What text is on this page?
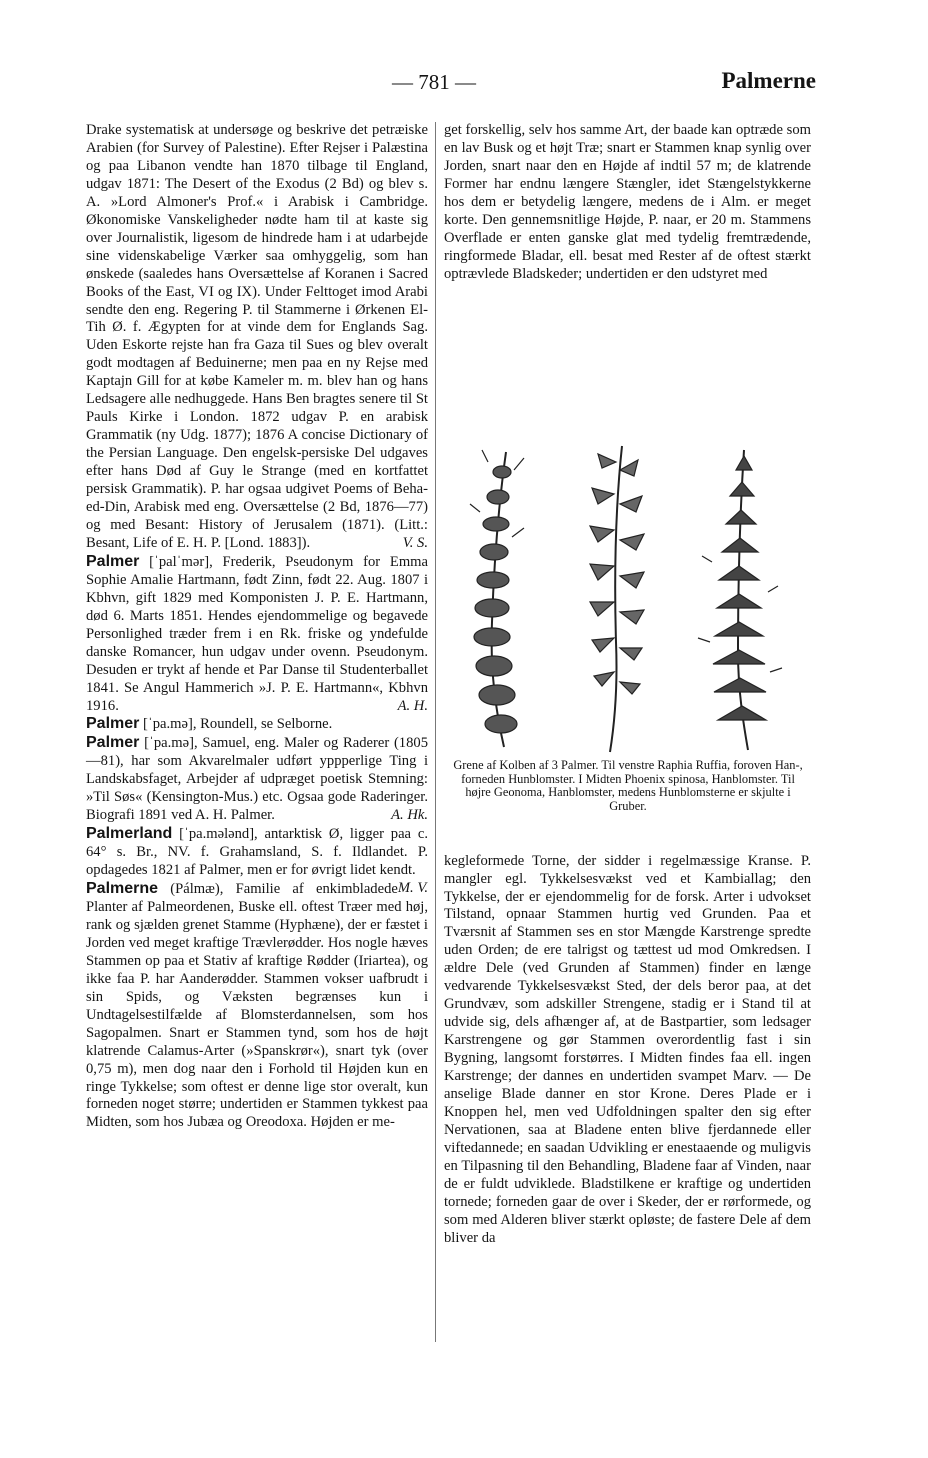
— 781 —	Palmerne

Drake systematisk at undersøge og beskrive det petræiske Arabien (for Survey of Palestine). Efter Rejser i Palæstina og paa Libanon vendte han 1870 tilbage til England, udgav 1871: The Desert of the Exodus (2 Bd) og blev s. A. »Lord Almoner's Prof.« i Arabisk i Cambridge. Økonomiske Vanskeligheder nødte ham til at kaste sig over Journalistik, ligesom de hindrede ham i at udarbejde sine videnskabelige Værker saa omhyggelig, som han ønskede (saaledes hans Oversættelse af Koranen i Sacred Books of the East, VI og IX). Under Felttoget imod Arabi sendte den eng. Regering P. til Stammerne i Ørkenen El-Tih Ø. f. Ægypten for at vinde dem for Englands Sag. Uden Eskorte rejste han fra Gaza til Sues og blev overalt godt modtagen af Beduinerne; men paa en ny Rejse med Kaptajn Gill for at købe Kameler m. m. blev han og hans Ledsagere alle nedhuggede. Hans Ben bragtes senere til St Pauls Kirke i London. 1872 udgav P. en arabisk Grammatik (ny Udg. 1877); 1876 A concise Dictionary of the Persian Language. Den engelsk-persiske Del udgaves efter hans Død af Guy le Strange (med en kortfattet persisk Grammatik). P. har ogsaa udgivet Poems of Beha-ed-Din, Arabisk med eng. Oversættelse (2 Bd, 1876—77) og med Besant: History of Jerusalem (1871). (Litt.: Besant, Life of E. H. P. [Lond. 1883]).	V. S.

Palmer [ˈpalˈmər], Frederik, Pseudonym for Emma Sophie Amalie Hartmann, født Zinn, født 22. Aug. 1807 i Kbhvn, gift 1829 med Komponisten J. P. E. Hartmann, død 6. Marts 1851. Hendes ejendommelige og begavede Personlighed træder frem i en Rk. friske og yndefulde danske Romancer, hun udgav under ovenn. Pseudonym. Desuden er trykt af hende et Par Danse til Studenterballet 1841. Se Angul Hammerich »J. P. E. Hartmann«, Kbhvn 1916.	A. H.

Palmer [ˈpa.mə], Roundell, se Selborne.

Palmer [ˈpa.mə], Samuel, eng. Maler og Raderer (1805—81), har som Akvarelmaler udført yppperlige Ting i Landskabsfaget, Arbejder af udpræget poetisk Stemning: »Til Søs« (Kensington-Mus.) etc. Ogsaa gode Raderinger. Biografi 1891 ved A. H. Palmer.	A. Hk.

Palmerland [ˈpa.mələnd], antarktisk Ø, ligger paa c. 64° s. Br., NV. f. Grahamsland, S. f. Ildlandet. P. opdagedes 1821 af Palmer, men er for øvrigt lidet kendt.
M. V.

Palmerne (Pálmæ), Familie af enkimbladede Planter af Palmeordenen, Buske ell. oftest Træer med høj, rank og sjælden grenet Stamme (Hyphæne), der er fæstet i Jorden ved meget kraftige Trævlerødder. Hos nogle hæves Stammen op paa et Stativ af kraftige Rødder (Iriartea), og ikke faa P. har Aanderødder. Stammen vokser uafbrudt i sin Spids, og Væksten begrænses kun i Undtagelsestilfælde af Blomsterdannelsen, som hos Sagopalmen. Snart er Stammen tynd, som hos de højt klatrende Calamus-Arter (»Spanskrør«), snart tyk (over 0,75 m), men dog naar den i Forhold til Højden kun en ringe Tykkelse; som oftest er denne lige stor overalt, kun forneden noget større; undertiden er Stammen tykkest paa Midten, som hos Jubæa og Oreodoxa. Højden er me-

get forskellig, selv hos samme Art, der baade kan optræde som en lav Busk og et højt Træ; snart er Stammen knap synlig over Jorden, snart naar den en Højde af indtil 57 m; de klatrende Former har endnu længere Stængler, idet Stængelstykkerne hos dem er betydelig længere, medens de i Alm. er meget korte. Den gennemsnitlige Højde, P. naar, er 20 m. Stammens Overflade er enten ganske glat med tydelig fremtrædende, ringformede Bladar, ell. besat med Rester af de oftest stærkt optrævlede Bladskeder; undertiden er den udstyret med

Grene af Kolben af 3 Palmer. Til venstre Raphia Ruffia, foroven Han-, forneden Hunblomster. I Midten Phoenix spinosa, Hanblomster. Til højre Geonoma, Hanblomster, medens Hunblomsterne er skjulte i Gruber.

kegleformede Torne, der sidder i regelmæssige Kranse. P. mangler egl. Tykkelsesvækst ved et Kambiallag; den Tykkelse, der er ejendommelig for de forsk. Arter i udvokset Tilstand, opnaar Stammen hurtig ved Grunden. Paa et Tværsnit af Stammen ses en stor Mængde Karstrenge spredte uden Orden; de ere talrigst og tættest ud mod Omkredsen. I ældre Dele (ved Grunden af Stammen) finder en længe vedvarende Tykkelsesvækst Sted, der dels beror paa, at det Grundvæv, som adskiller Strengene, stadig er i Stand til at udvide sig, dels afhænger af, at de Bastpartier, som ledsager Karstrengene og gør Stammen overordentlig fast i sin Bygning, langsomt forstørres. I Midten findes faa ell. ingen Karstrenge; der dannes en undertiden svampet Marv. — De anselige Blade danner en stor Krone. Deres Plade er i Knoppen hel, men ved Udfoldningen spalter den sig efter Nervationen, saa at Bladene enten blive fjerdannede eller viftedannede; en saadan Udvikling er enestaaende og muligvis en Tilpasning til den Behandling, Bladene faar af Vinden, naar de er fuldt udviklede. Bladstilkene er kraftige og undertiden tornede; forneden gaar de over i Skeder, der er rørformede, og som med Alderen bliver stærkt opløste; de fastere Dele af dem bliver da
